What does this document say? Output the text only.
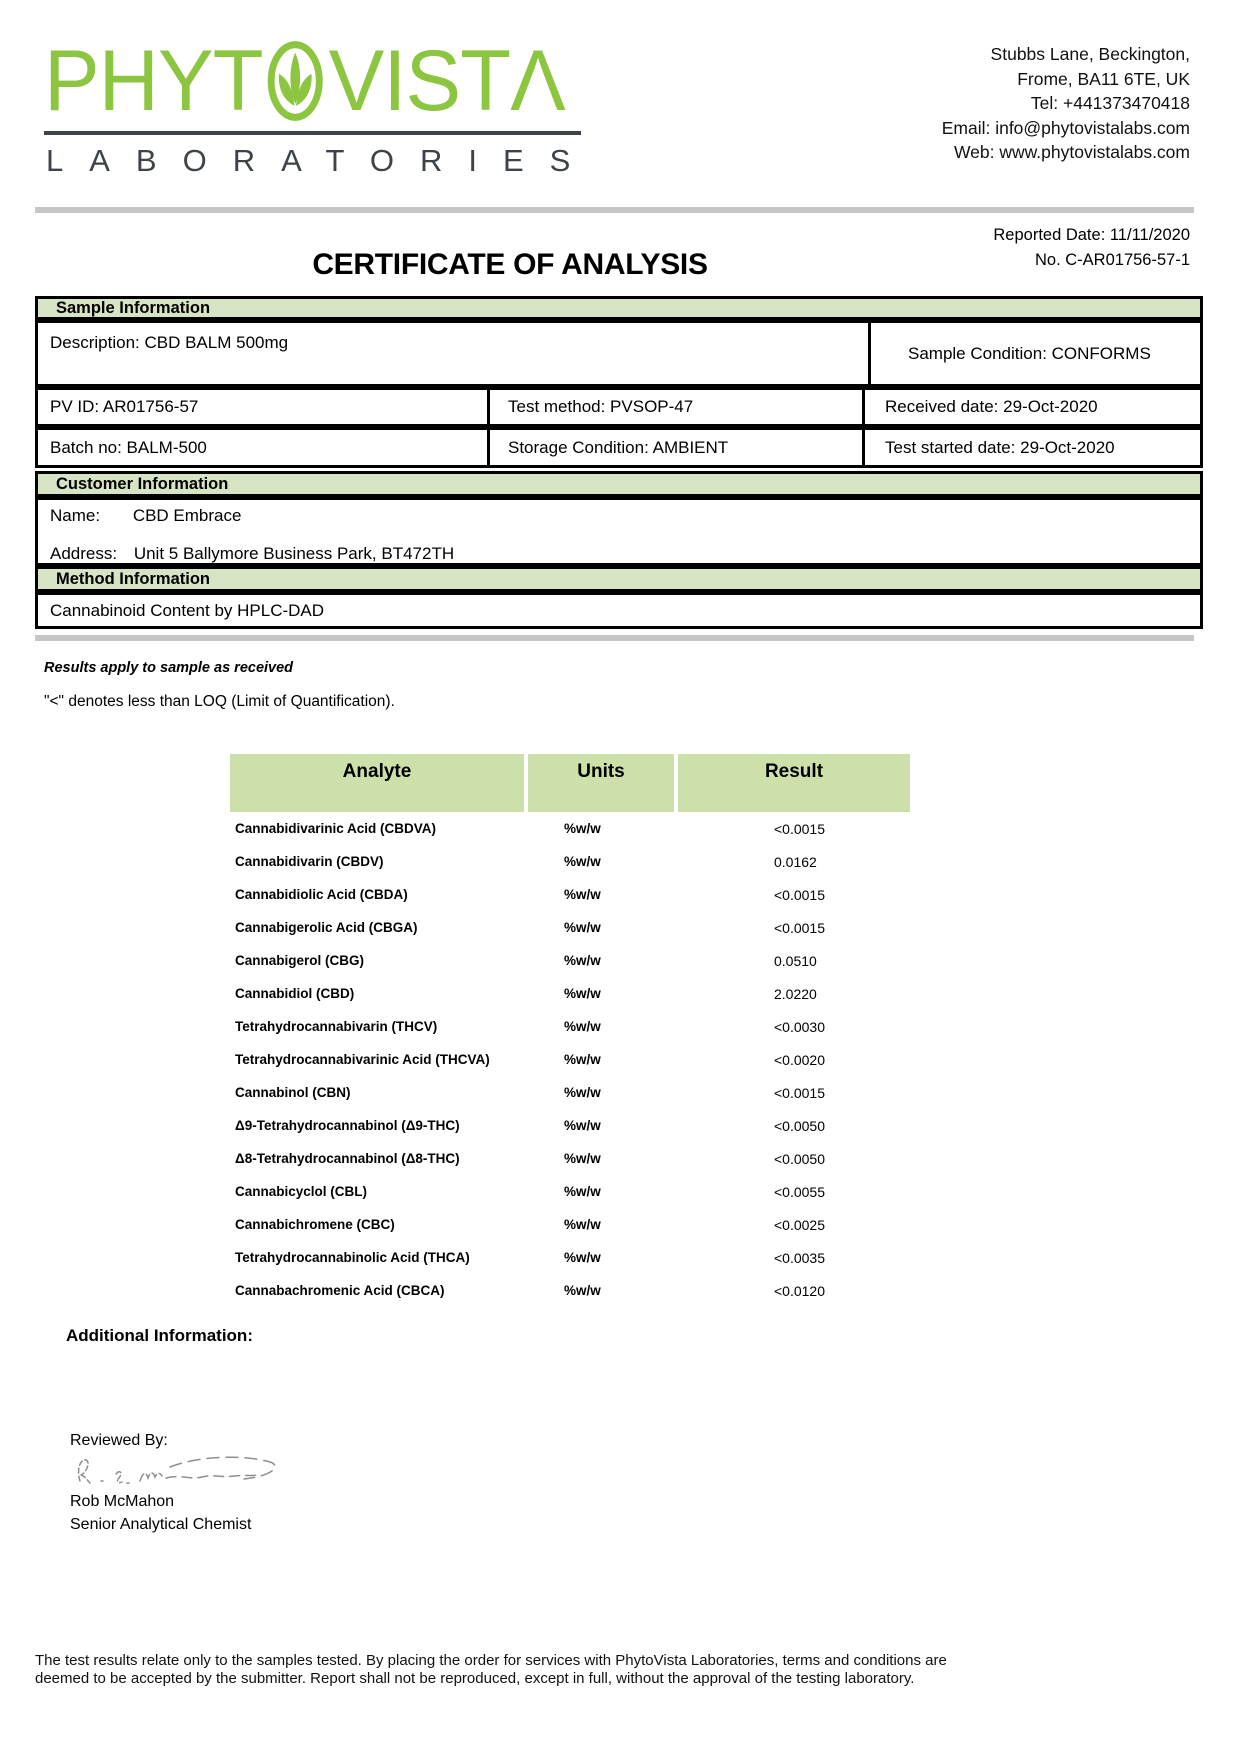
PHYT VISTΛ
LABORATORIES
Stubbs Lane, Beckington,
Frome, BA11 6TE, UK
Tel: +441373470418
Email: info@phytovistalabs.com
Web: www.phytovistalabs.com
CERTIFICATE OF ANALYSIS
Reported Date: 11/11/2020
No. C-AR01756-57-1
Sample Information
Description: CBD BALM 500mg
Sample Condition: CONFORMS
PV ID: AR01756-57	Test method: PVSOP-47	Received date: 29-Oct-2020
Batch no: BALM-500	Storage Condition: AMBIENT	Test started date: 29-Oct-2020
Customer Information
Name: CBD Embrace
Address: Unit 5 Ballymore Business Park, BT472TH
Method Information
Cannabinoid Content by HPLC-DAD
Results apply to sample as received
"<" denotes less than LOQ (Limit of Quantification).
Analyte	Units	Result
Cannabidivarinic Acid (CBDVA)	%w/w	<0.0015
Cannabidivarin (CBDV)	%w/w	0.0162
Cannabidiolic Acid (CBDA)	%w/w	<0.0015
Cannabigerolic Acid (CBGA)	%w/w	<0.0015
Cannabigerol (CBG)	%w/w	0.0510
Cannabidiol (CBD)	%w/w	2.0220
Tetrahydrocannabivarin (THCV)	%w/w	<0.0030
Tetrahydrocannabivarinic Acid (THCVA)	%w/w	<0.0020
Cannabinol (CBN)	%w/w	<0.0015
Δ9-Tetrahydrocannabinol (Δ9-THC)	%w/w	<0.0050
Δ8-Tetrahydrocannabinol (Δ8-THC)	%w/w	<0.0050
Cannabicyclol (CBL)	%w/w	<0.0055
Cannabichromene (CBC)	%w/w	<0.0025
Tetrahydrocannabinolic Acid (THCA)	%w/w	<0.0035
Cannabachromenic Acid (CBCA)	%w/w	<0.0120
Additional Information:
Reviewed By:
Rob McMahon
Senior Analytical Chemist
The test results relate only to the samples tested. By placing the order for services with PhytoVista Laboratories, terms and conditions are
deemed to be accepted by the submitter. Report shall not be reproduced, except in full, without the approval of the testing laboratory.
